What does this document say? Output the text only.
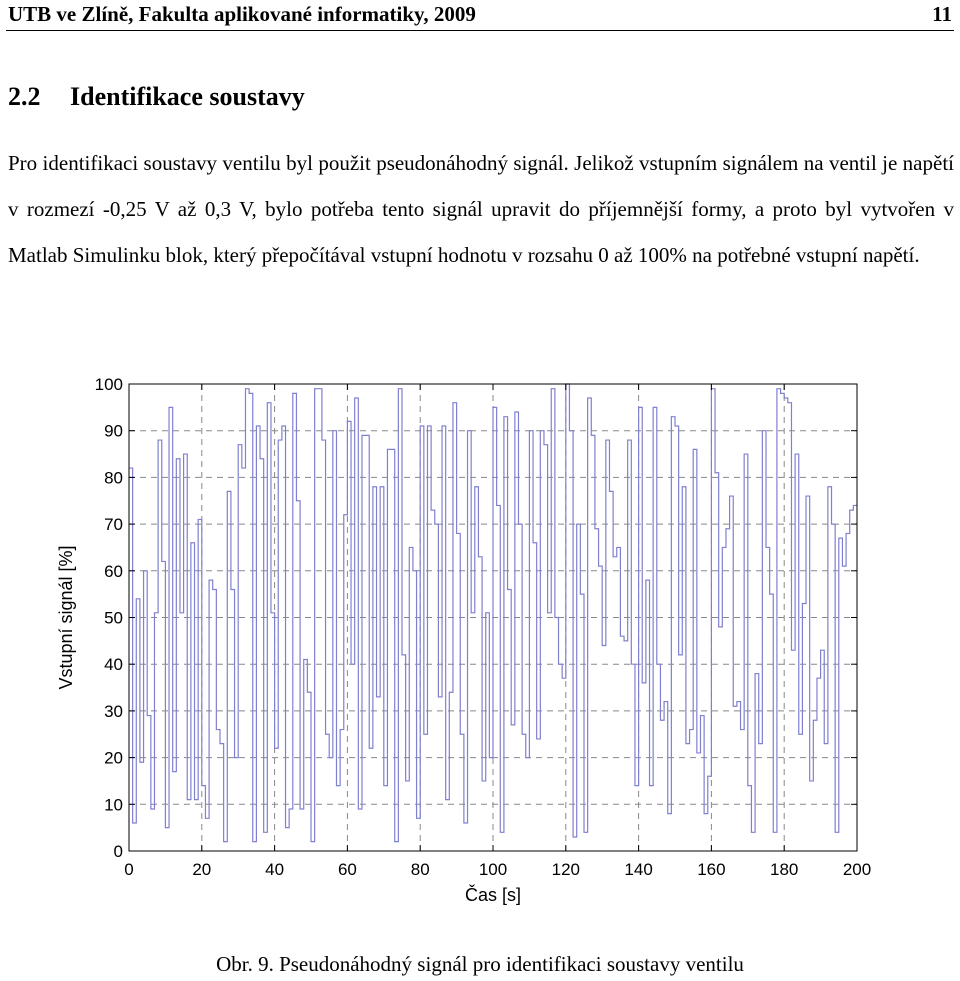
UTB ve Zlíně, Fakulta aplikované informatiky, 2009	11
2.2 Identifikace soustavy
Pro identifikaci soustavy ventilu byl použit pseudonáhodný signál. Jelikož vstupním signálem na ventil je napětí v rozmezí -0,25 V až 0,3 V, bylo potřeba tento signál upravit do příjemnější formy, a proto byl vytvořen v Matlab Simulinku blok, který přepočítával vstupní hodnotu v rozsahu 0 až 100% na potřebné vstupní napětí.
0	20	40	60	80	100	120	140	160	180	200
0
10
20
30
40
50
60
70
80
90
100
Čas [s]
Vstupní signál [%]
Obr. 9. Pseudonáhodný signál pro identifikaci soustavy ventilu
